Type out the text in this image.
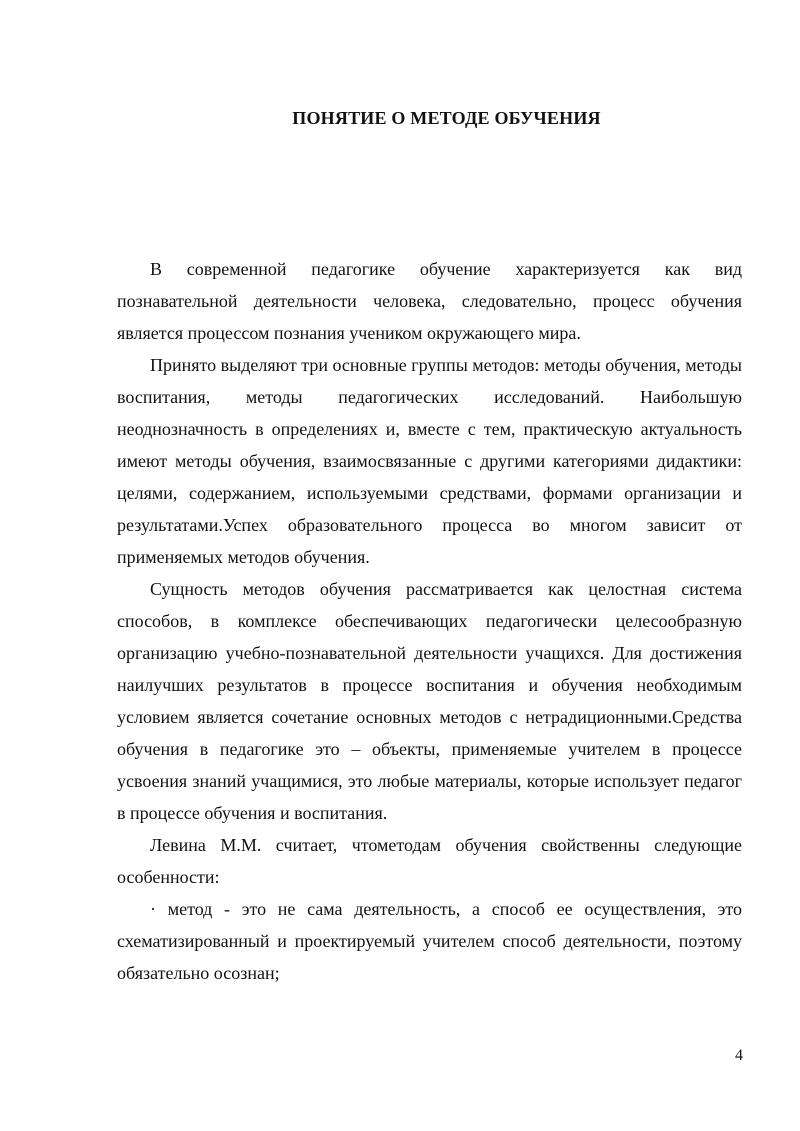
ПОНЯТИЕ О МЕТОДЕ ОБУЧЕНИЯ

В современной педагогике обучение характеризуется как вид познавательной деятельности человека, следовательно, процесс обучения является процессом познания учеником окружающего мира.

Принято выделяют три основные группы методов: методы обучения, методы воспитания, методы педагогических исследований. Наибольшую неоднозначность в определениях и, вместе с тем, практическую актуальность имеют методы обучения, взаимосвязанные с другими категориями дидактики: целями, содержанием, используемыми средствами, формами организации и результатами.Успех образовательного процесса во многом зависит от применяемых методов обучения.

Сущность методов обучения рассматривается как целостная система способов, в комплексе обеспечивающих педагогически целесообразную организацию учебно-познавательной деятельности учащихся. Для достижения наилучших результатов в процессе воспитания и обучения необходимым условием является сочетание основных методов с нетрадиционными.Средства обучения в педагогике это – объекты, применяемые учителем в процессе усвоения знаний учащимися, это любые материалы, которые использует педагог в процессе обучения и воспитания.

Левина М.М. считает, чтометодам обучения свойственны следующие особенности:

· метод - это не сама деятельность, а способ ее осуществления, это схематизированный и проектируемый учителем способ деятельности, поэтому обязательно осознан;

4
